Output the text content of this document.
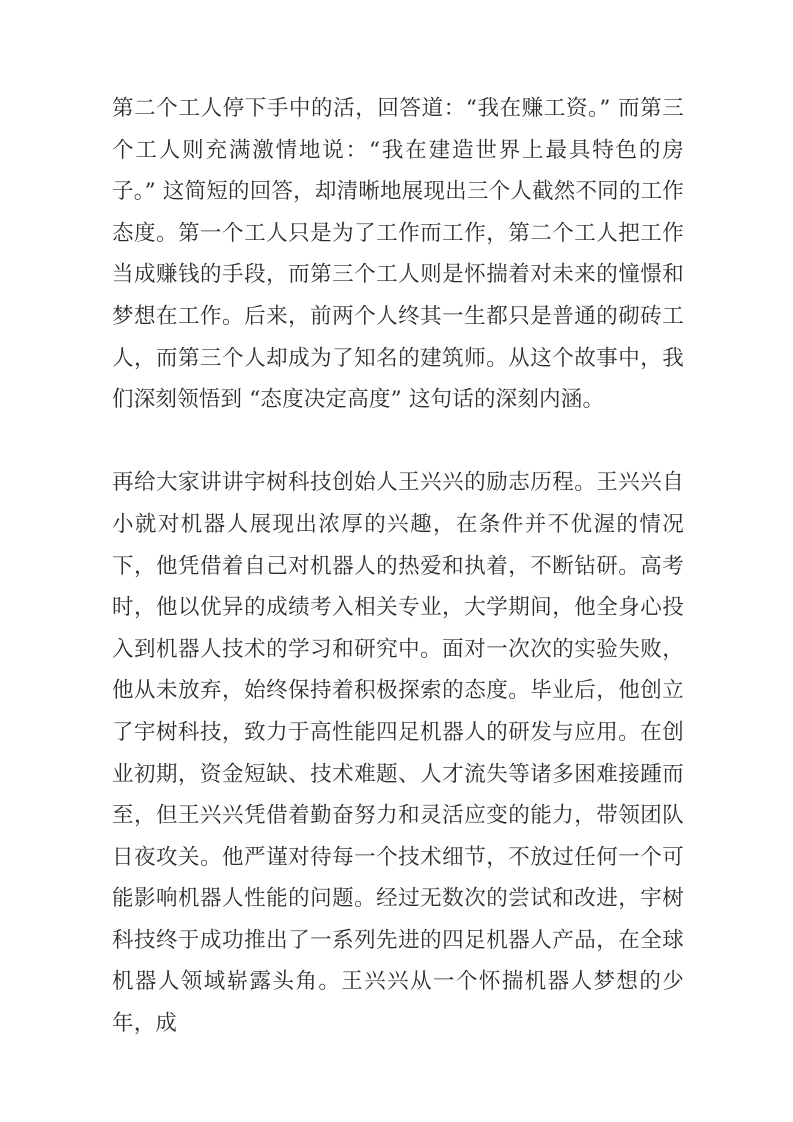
第二个工人停下手中的活，回答道：“我在赚工资。” 而第三个工人则充满激情地说：“我在建造世界上最具特色的房子。” 这简短的回答，却清晰地展现出三个人截然不同的工作态度。第一个工人只是为了工作而工作，第二个工人把工作当成赚钱的手段，而第三个工人则是怀揣着对未来的憧憬和梦想在工作。后来，前两个人终其一生都只是普通的砌砖工人，而第三个人却成为了知名的建筑师。从这个故事中，我们深刻领悟到 “态度决定高度” 这句话的深刻内涵。

再给大家讲讲宇树科技创始人王兴兴的励志历程。王兴兴自小就对机器人展现出浓厚的兴趣，在条件并不优渥的情况下，他凭借着自己对机器人的热爱和执着，不断钻研。高考时，他以优异的成绩考入相关专业，大学期间，他全身心投入到机器人技术的学习和研究中。面对一次次的实验失败，他从未放弃，始终保持着积极探索的态度。毕业后，他创立了宇树科技，致力于高性能四足机器人的研发与应用。在创业初期，资金短缺、技术难题、人才流失等诸多困难接踵而至，但王兴兴凭借着勤奋努力和灵活应变的能力，带领团队日夜攻关。他严谨对待每一个技术细节，不放过任何一个可能影响机器人性能的问题。经过无数次的尝试和改进，宇树科技终于成功推出了一系列先进的四足机器人产品，在全球机器人领域崭露头角。王兴兴从一个怀揣机器人梦想的少年，成
